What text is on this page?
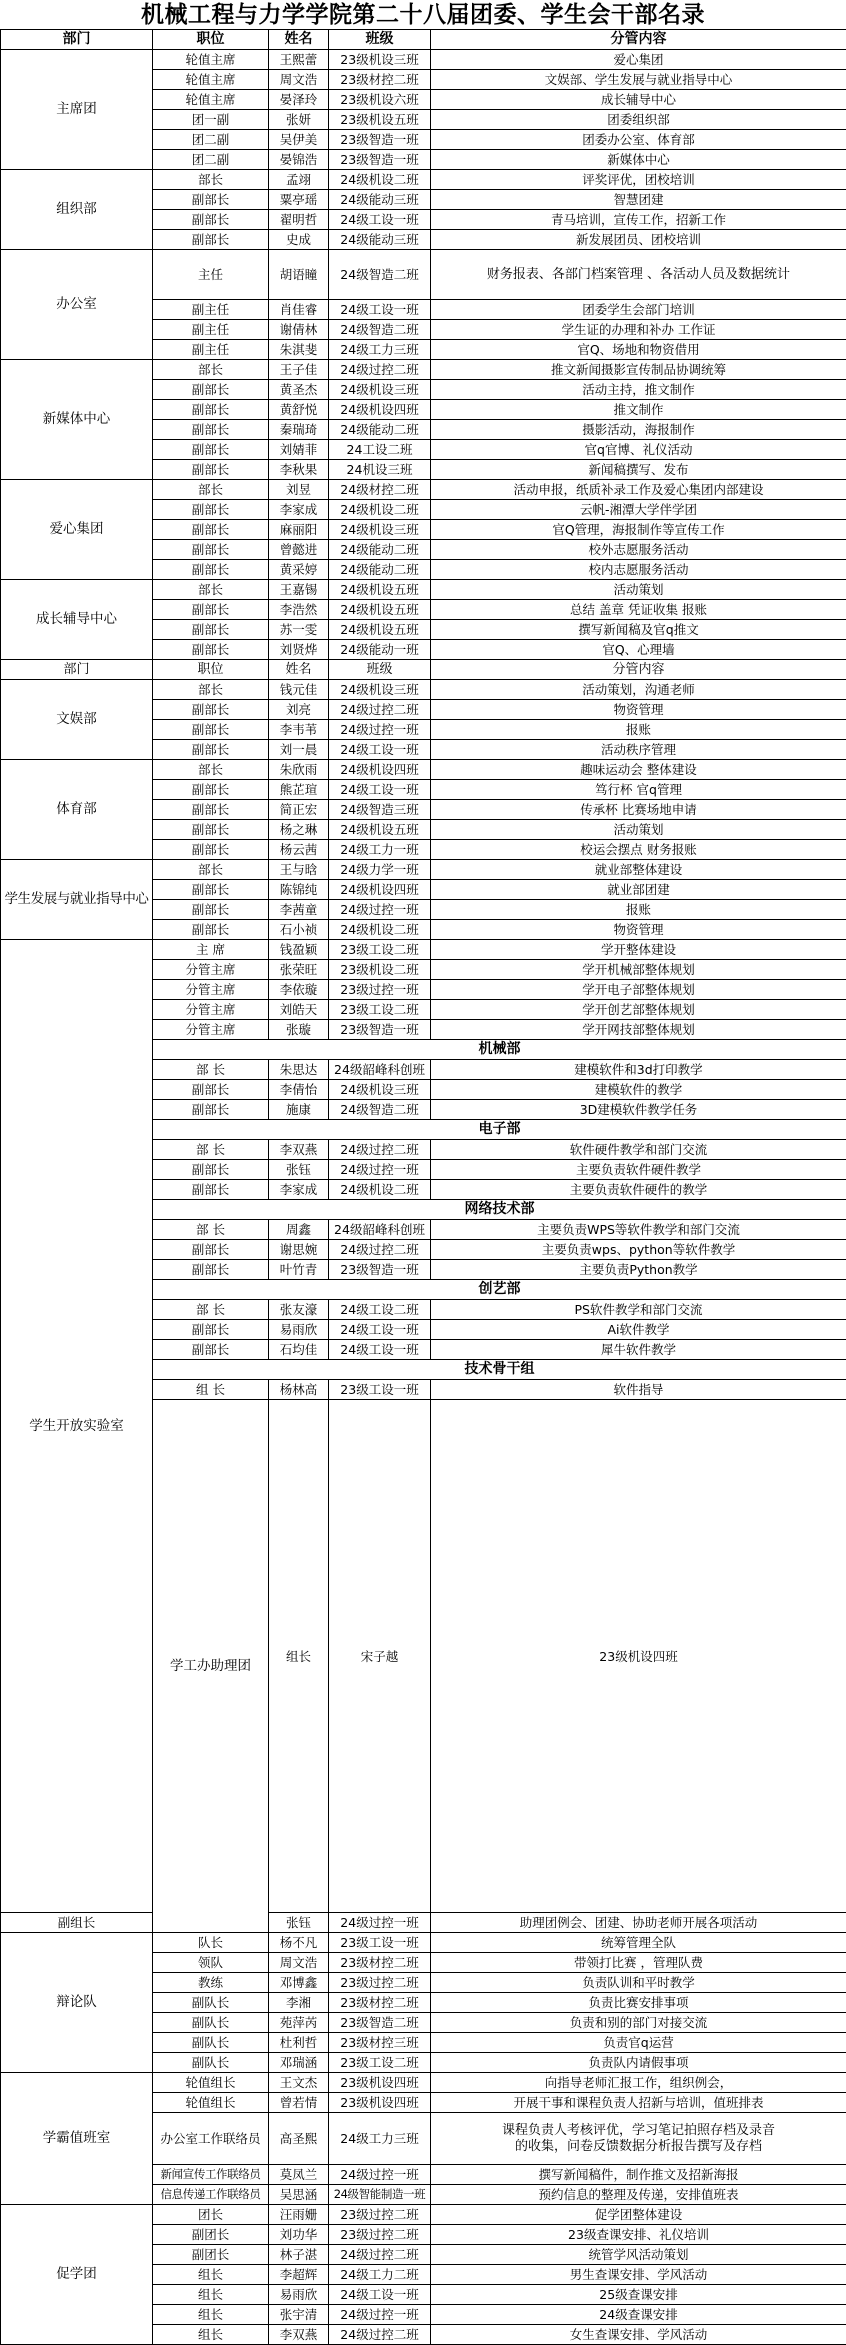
机械工程与力学学院第二十八届团委、学生会干部名录
部门	职位	姓名	班级	分管内容	
主席团	轮值主席	王熙蕾	23级机设三班	爱心集团	
	轮值主席	周文浩	23级材控二班	文娱部、学生发展与就业指导中心	
	轮值主席	晏泽玲	23级机设六班	成长辅导中心	
	团一副	张妍	23级机设五班	团委组织部	
	团二副	吴伊美	23级智造一班	团委办公室、体育部	
	团二副	晏锦浩	23级智造一班	新媒体中心	
组织部	部长	孟翊	24级机设二班	评奖评优，团校培训	
	副部长	粟亭瑶	24级能动三班	智慧团建	
	副部长	翟明哲	24级工设一班	青马培训，宣传工作，招新工作	
	副部长	史成	24级能动三班	新发展团员、团校培训	
办公室	主任	胡语瞳	24级智造二班	财务报表、各部门档案管理 、各活动人员及数据统计	
	副主任	肖佳睿	24级工设一班	团委学生会部门培训	
	副主任	谢倩林	24级智造二班	学生证的办理和补办 工作证	
	副主任	朱淇斐	24级工力三班	官Q、场地和物资借用	
新媒体中心	部长	王子佳	24级过控二班	推文新闻摄影宣传制品协调统筹	
	副部长	黄圣杰	24级机设三班	活动主持，推文制作	
	副部长	黄舒悦	24级机设四班	推文制作	
	副部长	秦瑞琦	24级能动二班	摄影活动，海报制作	
	副部长	刘婧菲	24工设二班	官q官博、礼仪活动	
	副部长	李秋果	24机设三班	新闻稿撰写、发布	
爱心集团	部长	刘昱	24级材控二班	活动申报，纸质补录工作及爱心集团内部建设	
	副部长	李家成	24级机设二班	云帆-湘潭大学伴学团	
	副部长	麻丽阳	24级机设三班	官Q管理，海报制作等宣传工作	
	副部长	曾懿进	24级能动二班	校外志愿服务活动	
	副部长	黄采婷	24级能动二班	校内志愿服务活动	
成长辅导中心	部长	王嘉锡	24级机设五班	活动策划	
	副部长	李浩然	24级机设五班	总结 盖章 凭证收集 报账	
	副部长	苏一雯	24级机设五班	撰写新闻稿及官q推文	
	副部长	刘贤烨	24级能动一班	官Q、心理墙	
部门	职位	姓名	班级	分管内容	
文娱部	部长	钱元佳	24级机设三班	活动策划，沟通老师	
	副部长	刘亮	24级过控二班	物资管理	
	副部长	李韦苇	24级过控一班	报账	
	副部长	刘一晨	24级工设一班	活动秩序管理	
体育部	部长	朱欣雨	24级机设四班	趣味运动会 整体建设	
	副部长	熊芷瑄	24级工设一班	笃行杯 官q管理	
	副部长	简正宏	24级智造三班	传承杯 比赛场地申请	
	副部长	杨之琳	24级机设五班	活动策划	
	副部长	杨云茜	24级工力一班	校运会摆点 财务报账	
学生发展与就业指导中心	部长	王与晗	24级力学一班	就业部整体建设	
	副部长	陈锦纯	24级机设四班	就业部团建	
	副部长	李茜童	24级过控一班	报账	
	副部长	石小祯	24级机设二班	物资管理	
学生开放实验室	主 席	钱盈颖	23级工设二班	学开整体建设	
	分管主席	张荣旺	23级机设二班	学开机械部整体规划	
	分管主席	李依璇	23级过控一班	学开电子部整体规划	
	分管主席	刘皓天	23级工设二班	学开创艺部整体规划	
	分管主席	张璇	23级智造一班	学开网技部整体规划	
	机械部				
	部 长	朱思达	24级韶峰科创班	建模软件和3d打印教学	
	副部长	李倩怡	24级机设三班	建模软件的教学	
	副部长	施康	24级智造二班	3D建模软件教学任务	
	电子部				
	部 长	李双燕	24级过控二班	软件硬件教学和部门交流	
	副部长	张钰	24级过控一班	主要负责软件硬件教学	
	副部长	李家成	24级机设二班	主要负责软件硬件的教学	
	网络技术部				
	部 长	周鑫	24级韶峰科创班	主要负责WPS等软件教学和部门交流	
	副部长	谢思婉	24级过控二班	主要负责wps、python等软件教学	
	副部长	叶竹青	23级智造一班	主要负责Python教学	
	创艺部				
	部 长	张友濠	24级工设二班	PS软件教学和部门交流	
	副部长	易雨欣	24级工设一班	Ai软件教学	
	副部长	石均佳	24级工设一班	犀牛软件教学	
	技术骨干组				
	组 长	杨林高	23级工设一班	软件指导	
	学工办助理团	组长	宋子越	23级机设四班	
副组长		张钰	24级过控一班	助理团例会、团建、协助老师开展各项活动	
辩论队	队长	杨不凡	23级工设一班	统筹管理全队	
	领队	周文浩	23级材控二班	带领打比赛 ，管理队费	
	教练	邓博鑫	23级过控二班	负责队训和平时教学	
	副队长	李湘	23级材控二班	负责比赛安排事项	
	副队长	苑萍芮	23级智造二班	负责和别的部门对接交流	
	副队长	杜利哲	23级材控三班	负责官q运营	
	副队长	邓瑞涵	23级工设二班	负责队内请假事项	
学霸值班室	轮值组长	王文杰	23级机设四班	向指导老师汇报工作，组织例会，	
	轮值组长	曾若情	23级机设四班	开展干事和课程负责人招新与培训，值班排表	
	办公室工作联络员	高圣熙	24级工力三班	课程负责人考核评优，学习笔记拍照存档及录音的收集，问卷反馈数据分析报告撰写及存档	
	新闻宣传工作联络员	莫凤兰	24级过控一班	撰写新闻稿件，制作推文及招新海报	
	信息传递工作联络员	吴思涵	24级智能制造一班	预约信息的整理及传递，安排值班表	
促学团	团长	汪雨姗	23级过控二班	促学团整体建设	
	副团长	刘功华	23级过控二班	23级查课安排、礼仪培训	
	副团长	林子湛	24级过控二班	统管学风活动策划	
	组长	李超辉	24级工力二班	男生查课安排、学风活动	
	组长	易雨欣	24级工设一班	25级查课安排	
	组长	张宇清	24级过控一班	24级查课安排	
	组长	李双燕	24级过控二班	女生查课安排、学风活动	
